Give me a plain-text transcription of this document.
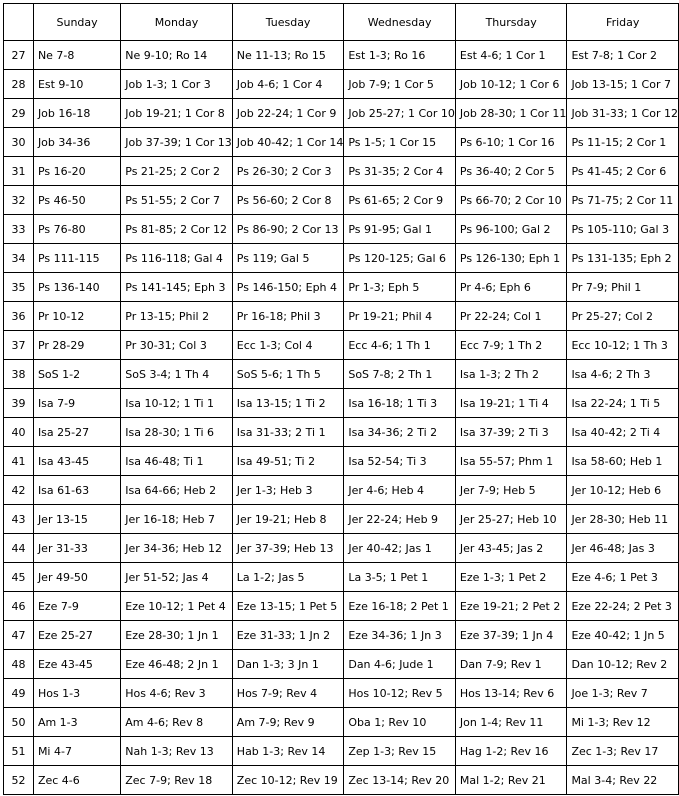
	Sunday	Monday	Tuesday	Wednesday	Thursday	Friday
27	Ne 7-8	Ne 9-10; Ro 14	Ne 11-13; Ro 15	Est 1-3; Ro 16	Est 4-6; 1 Cor 1	Est 7-8; 1 Cor 2
28	Est 9-10	Job 1-3; 1 Cor 3	Job 4-6; 1 Cor 4	Job 7-9; 1 Cor 5	Job 10-12; 1 Cor 6	Job 13-15; 1 Cor 7
29	Job 16-18	Job 19-21; 1 Cor 8	Job 22-24; 1 Cor 9	Job 25-27; 1 Cor 10	Job 28-30; 1 Cor 11	Job 31-33; 1 Cor 12
30	Job 34-36	Job 37-39; 1 Cor 13	Job 40-42; 1 Cor 14	Ps 1-5; 1 Cor 15	Ps 6-10; 1 Cor 16	Ps 11-15; 2 Cor 1
31	Ps 16-20	Ps 21-25; 2 Cor 2	Ps 26-30; 2 Cor 3	Ps 31-35; 2 Cor 4	Ps 36-40; 2 Cor 5	Ps 41-45; 2 Cor 6
32	Ps 46-50	Ps 51-55; 2 Cor 7	Ps 56-60; 2 Cor 8	Ps 61-65; 2 Cor 9	Ps 66-70; 2 Cor 10	Ps 71-75; 2 Cor 11
33	Ps 76-80	Ps 81-85; 2 Cor 12	Ps 86-90; 2 Cor 13	Ps 91-95; Gal 1	Ps 96-100; Gal 2	Ps 105-110; Gal 3
34	Ps 111-115	Ps 116-118; Gal 4	Ps 119; Gal 5	Ps 120-125; Gal 6	Ps 126-130; Eph 1	Ps 131-135; Eph 2
35	Ps 136-140	Ps 141-145; Eph 3	Ps 146-150; Eph 4	Pr 1-3; Eph 5	Pr 4-6; Eph 6	Pr 7-9; Phil 1
36	Pr 10-12	Pr 13-15; Phil 2	Pr 16-18; Phil 3	Pr 19-21; Phil 4	Pr 22-24; Col 1	Pr 25-27; Col 2
37	Pr 28-29	Pr 30-31; Col 3	Ecc 1-3; Col 4	Ecc 4-6; 1 Th 1	Ecc 7-9; 1 Th 2	Ecc 10-12; 1 Th 3
38	SoS 1-2	SoS 3-4; 1 Th 4	SoS 5-6; 1 Th 5	SoS 7-8; 2 Th 1	Isa 1-3; 2 Th 2	Isa 4-6; 2 Th 3
39	Isa 7-9	Isa 10-12; 1 Ti 1	Isa 13-15; 1 Ti 2	Isa 16-18; 1 Ti 3	Isa 19-21; 1 Ti 4	Isa 22-24; 1 Ti 5
40	Isa 25-27	Isa 28-30; 1 Ti 6	Isa 31-33; 2 Ti 1	Isa 34-36; 2 Ti 2	Isa 37-39; 2 Ti 3	Isa 40-42; 2 Ti 4
41	Isa 43-45	Isa 46-48; Ti 1	Isa 49-51; Ti 2	Isa 52-54; Ti 3	Isa 55-57; Phm 1	Isa 58-60; Heb 1
42	Isa 61-63	Isa 64-66; Heb 2	Jer 1-3; Heb 3	Jer 4-6; Heb 4	Jer 7-9; Heb 5	Jer 10-12; Heb 6
43	Jer 13-15	Jer 16-18; Heb 7	Jer 19-21; Heb 8	Jer 22-24; Heb 9	Jer 25-27; Heb 10	Jer 28-30; Heb 11
44	Jer 31-33	Jer 34-36; Heb 12	Jer 37-39; Heb 13	Jer 40-42; Jas 1	Jer 43-45; Jas 2	Jer 46-48; Jas 3
45	Jer 49-50	Jer 51-52; Jas 4	La 1-2; Jas 5	La 3-5; 1 Pet 1	Eze 1-3; 1 Pet 2	Eze 4-6; 1 Pet 3
46	Eze 7-9	Eze 10-12; 1 Pet 4	Eze 13-15; 1 Pet 5	Eze 16-18; 2 Pet 1	Eze 19-21; 2 Pet 2	Eze 22-24; 2 Pet 3
47	Eze 25-27	Eze 28-30; 1 Jn 1	Eze 31-33; 1 Jn 2	Eze 34-36; 1 Jn 3	Eze 37-39; 1 Jn 4	Eze 40-42; 1 Jn 5
48	Eze 43-45	Eze 46-48; 2 Jn 1	Dan 1-3; 3 Jn 1	Dan 4-6; Jude 1	Dan 7-9; Rev 1	Dan 10-12; Rev 2
49	Hos 1-3	Hos 4-6; Rev 3	Hos 7-9; Rev 4	Hos 10-12; Rev 5	Hos 13-14; Rev 6	Joe 1-3; Rev 7
50	Am 1-3	Am 4-6; Rev 8	Am 7-9; Rev 9	Oba 1; Rev 10	Jon 1-4; Rev 11	Mi 1-3; Rev 12
51	Mi 4-7	Nah 1-3; Rev 13	Hab 1-3; Rev 14	Zep 1-3; Rev 15	Hag 1-2; Rev 16	Zec 1-3; Rev 17
52	Zec 4-6	Zec 7-9; Rev 18	Zec 10-12; Rev 19	Zec 13-14; Rev 20	Mal 1-2; Rev 21	Mal 3-4; Rev 22
